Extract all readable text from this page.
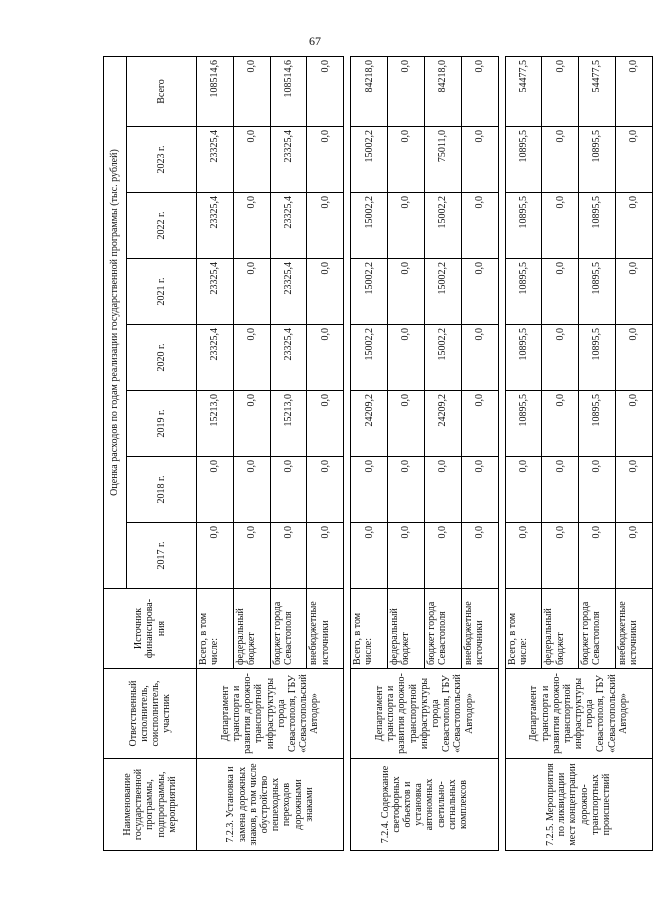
67
Наименование государственной программы, подпрограммы, мероприятий	Ответственный исполнитель, соисполнитель, участник	Источник финансирова-ния	Оценка расходов по годам реализации государственной программы (тыс. рублей)							
			2017 г.	2018 г.	2019 г.	2020 г.	2021 г.	2022 г.	2023 г.	Всего
7.2.3. Установка и замена дорожных знаков, в том числе обустройство пешеходных переходов дорожными знаками	Департамент транспорта и развития дорожно-транспортной инфраструктуры города Севастополя, ГБУ «Севастопольский Автодор»	Всего, в том числе:	0,0	0,0	15213,0	23325,4	23325,4	23325,4	23325,4	108514,6
		федеральный бюджет	0,0	0,0	0,0	0,0	0,0	0,0	0,0	0,0
		бюджет города Севастополя	0,0	0,0	15213,0	23325,4	23325,4	23325,4	23325,4	108514,6
		внебюджетные источники	0,0	0,0	0,0	0,0	0,0	0,0	0,0	0,0

7.2.4. Содержание светофорных объектов и установка автономных светильно-сигнальных комплексов	Департамент транспорта и развития дорожно-транспортной инфраструктуры города Севастополя, ГБУ «Севастопольский Автодор»	Всего, в том числе:	0,0	0,0	24209,2	15002,2	15002,2	15002,2	15002,2	84218,0
		федеральный бюджет	0,0	0,0	0,0	0,0	0,0	0,0	0,0	0,0
		бюджет города Севастополя	0,0	0,0	24209,2	15002,2	15002,2	15002,2	75011,0	84218,0
		внебюджетные источники	0,0	0,0	0,0	0,0	0,0	0,0	0,0	0,0

7.2.5. Мероприятия по ликвидации мест концентрации дорожно-транспортных происшествий	Департамент транспорта и развития дорожно-транспортной инфраструктуры города Севастополя, ГБУ «Севастопольский Автодор»	Всего, в том числе:	0,0	0,0	10895,5	10895,5	10895,5	10895,5	10895,5	54477,5
		федеральный бюджет	0,0	0,0	0,0	0,0	0,0	0,0	0,0	0,0
		бюджет города Севастополя	0,0	0,0	10895,5	10895,5	10895,5	10895,5	10895,5	54477,5
		внебюджетные источники	0,0	0,0	0,0	0,0	0,0	0,0	0,0	0,0
